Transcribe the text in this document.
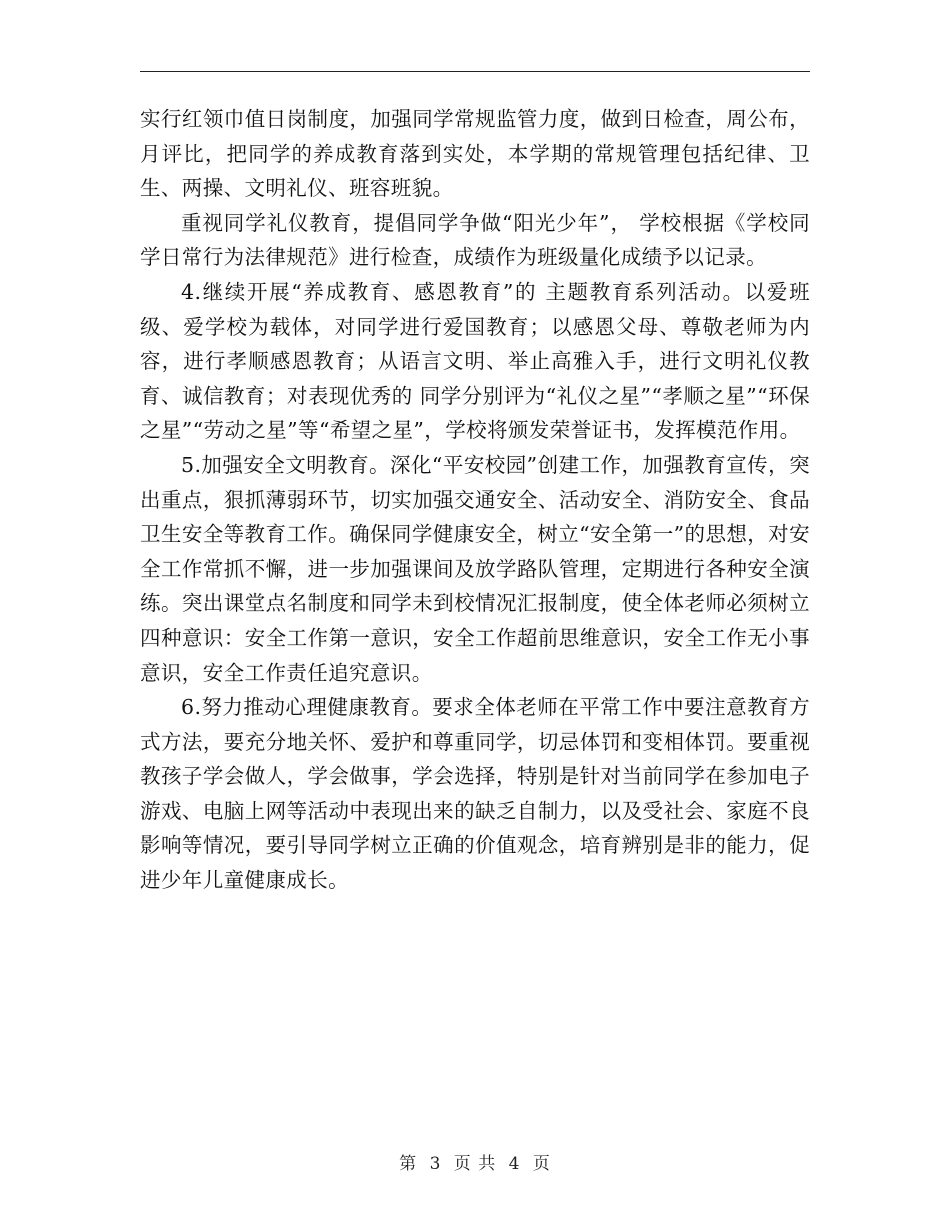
实行红领巾值日岗制度，加强同学常规监管力度，做到日检查，周公布，月评比，把同学的养成教育落到实处，本学期的常规管理包括纪律、卫生、两操、文明礼仪、班容班貌。

重视同学礼仪教育，提倡同学争做“阳光少年”， 学校根据《学校同学日常行为法律规范》进行检查，成绩作为班级量化成绩予以记录。

4.继续开展“养成教育、感恩教育”的 主题教育系列活动。以爱班级、爱学校为载体，对同学进行爱国教育；以感恩父母、尊敬老师为内容，进行孝顺感恩教育；从语言文明、举止高雅入手，进行文明礼仪教育、诚信教育；对表现优秀的 同学分别评为“礼仪之星”“孝顺之星”“环保之星”“劳动之星”等“希望之星”，学校将颁发荣誉证书，发挥模范作用。

5.加强安全文明教育。深化“平安校园”创建工作，加强教育宣传，突出重点，狠抓薄弱环节，切实加强交通安全、活动安全、消防安全、食品卫生安全等教育工作。确保同学健康安全，树立“安全第一”的思想，对安全工作常抓不懈，进一步加强课间及放学路队管理，定期进行各种安全演练。突出课堂点名制度和同学未到校情况汇报制度，使全体老师必须树立四种意识：安全工作第一意识，安全工作超前思维意识，安全工作无小事意识，安全工作责任追究意识。

6.努力推动心理健康教育。要求全体老师在平常工作中要注意教育方式方法，要充分地关怀、爱护和尊重同学，切忌体罚和变相体罚。要重视教孩子学会做人，学会做事，学会选择，特别是针对当前同学在参加电子游戏、电脑上网等活动中表现出来的缺乏自制力，以及受社会、家庭不良影响等情况，要引导同学树立正确的价值观念，培育辨别是非的能力，促进少年儿童健康成长。

第 3 页 共 4 页
